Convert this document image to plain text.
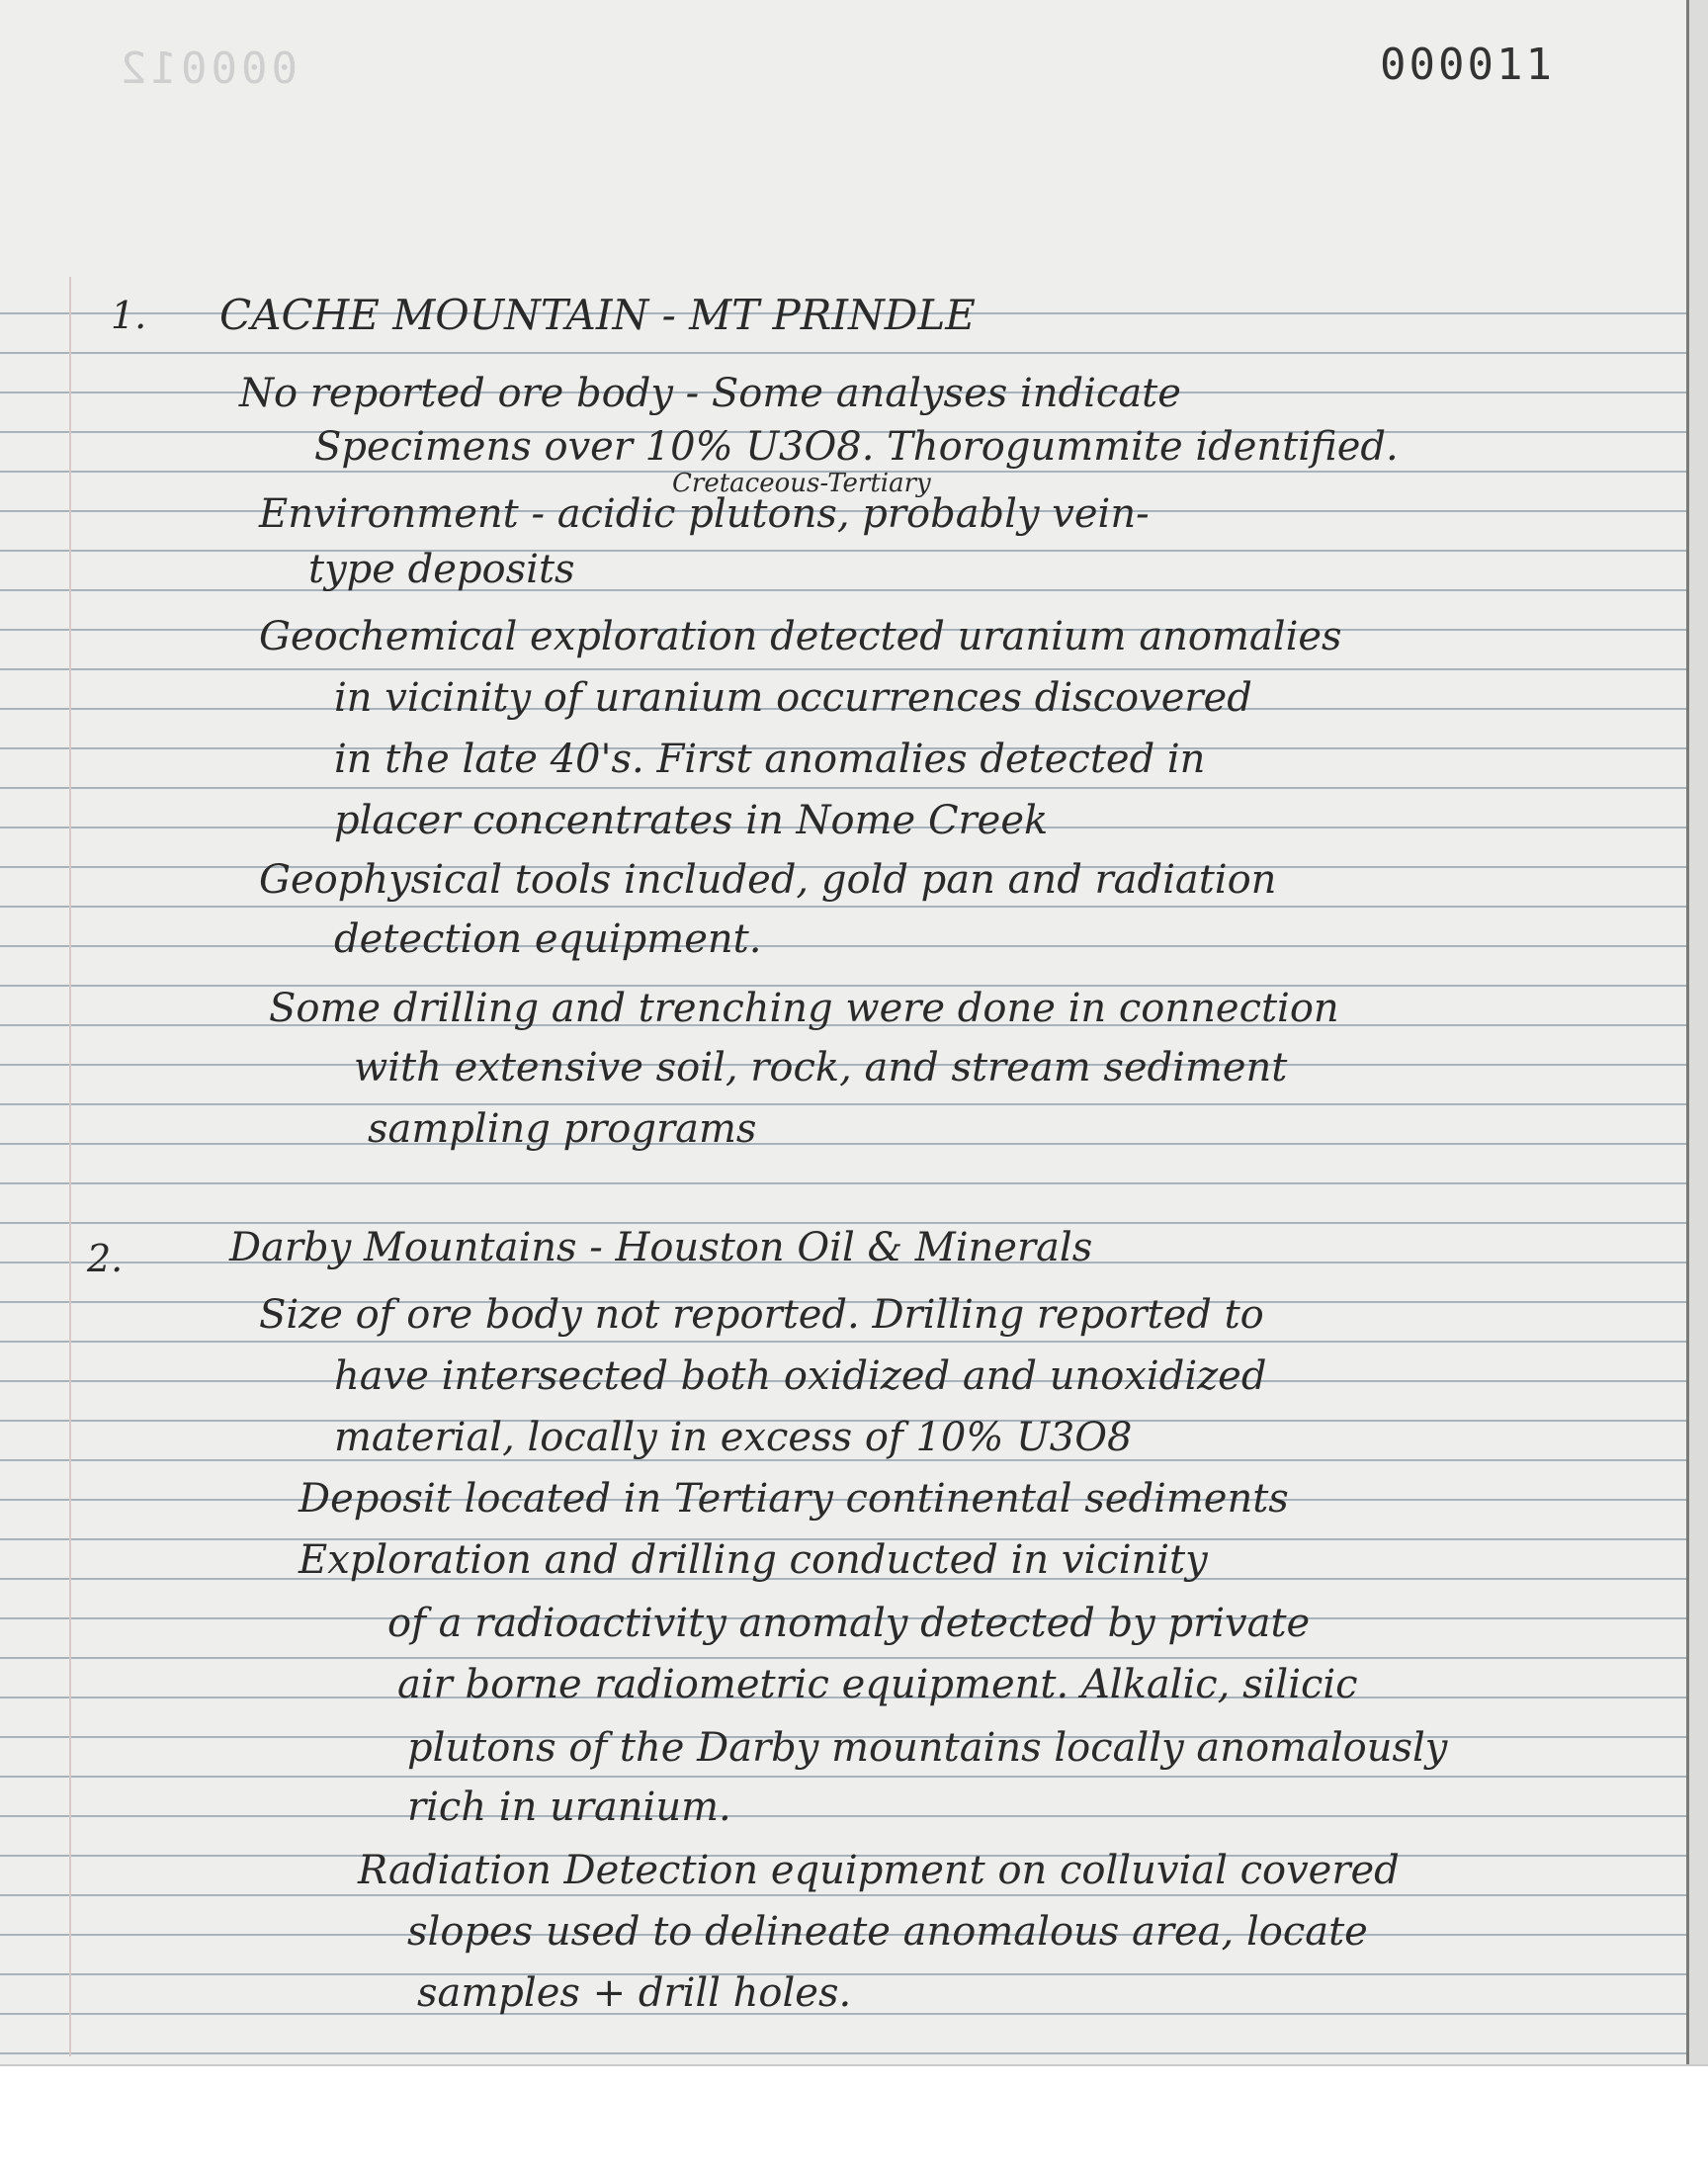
000012	000011

1. CACHE MOUNTAIN - MT PRINDLE

No reported ore body - Some analyses indicate

Specimens over 10% U3O8. Thorogummite identified.

Cretaceous-Tertiary

Environment - acidic plutons, probably vein-

type deposits

Geochemical exploration detected uranium anomalies

in vicinity of uranium occurrences discovered

in the late 40's. First anomalies detected in

placer concentrates in Nome Creek

Geophysical tools included, gold pan and radiation

detection equipment.

Some drilling and trenching were done in connection

with extensive soil, rock, and stream sediment

sampling programs

2.	Darby Mountains - Houston Oil & Minerals

Size of ore body not reported. Drilling reported to

have intersected both oxidized and unoxidized

material, locally in excess of 10% U3O8

Deposit located in Tertiary continental sediments

Exploration and drilling conducted in vicinity

of a radioactivity anomaly detected by private

air borne radiometric equipment. Alkalic, silicic

plutons of the Darby mountains locally anomalously

rich in uranium.

Radiation Detection equipment on colluvial covered

slopes used to delineate anomalous area, locate

samples + drill holes.
